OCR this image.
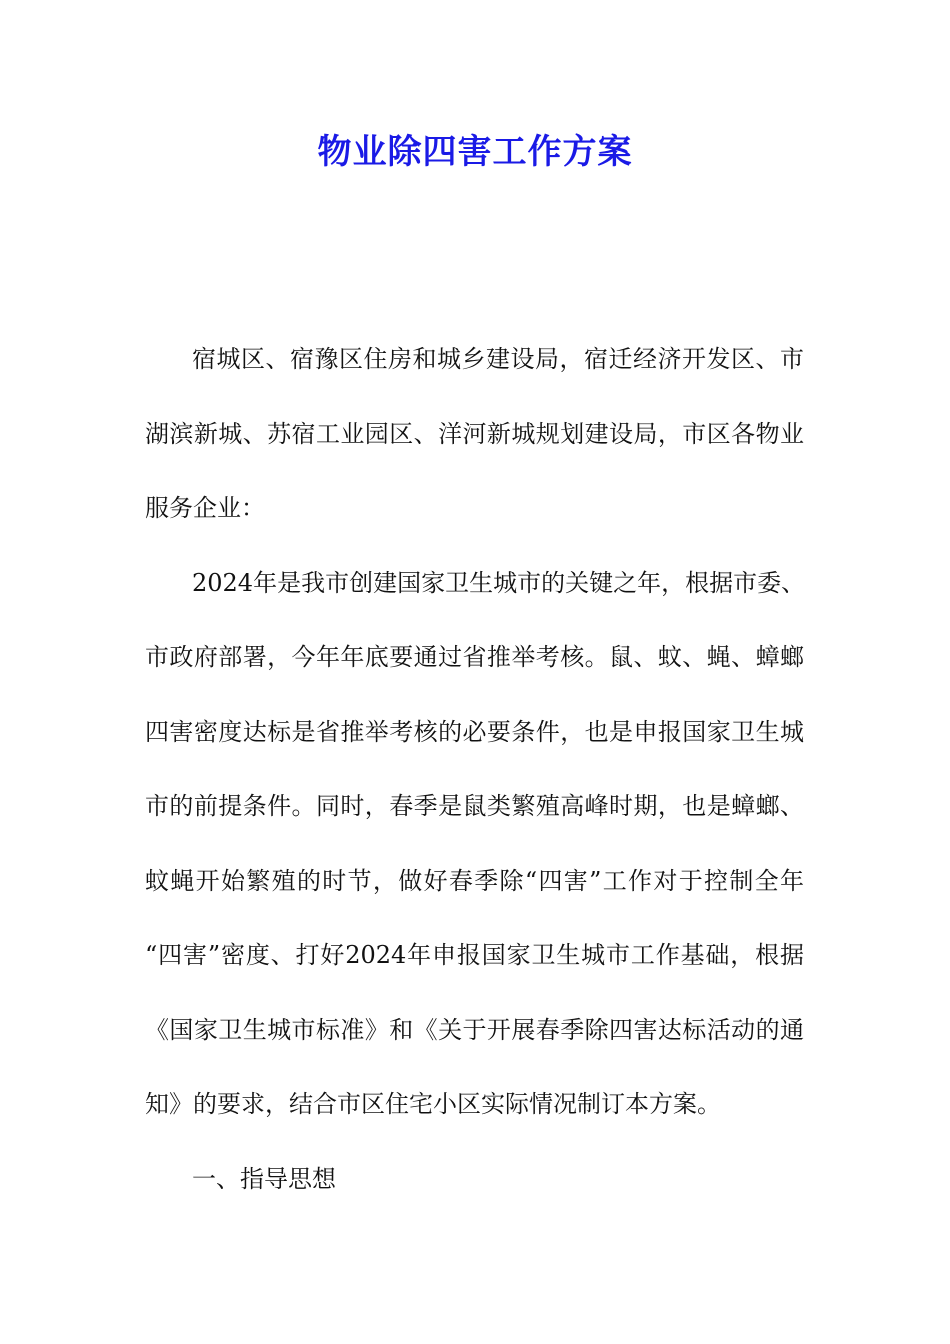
物业除四害工作方案
宿城区、宿豫区住房和城乡建设局，宿迁经济开发区、市
湖滨新城、苏宿工业园区、洋河新城规划建设局，市区各物业
服务企业：
2024年是我市创建国家卫生城市的关键之年，根据市委、
市政府部署，今年年底要通过省推举考核。鼠、蚊、蝇、蟑螂
四害密度达标是省推举考核的必要条件，也是申报国家卫生城
市的前提条件。同时，春季是鼠类繁殖高峰时期，也是蟑螂、
蚊蝇开始繁殖的时节，做好春季除“四害”工作对于控制全年
“四害”密度、打好2024年申报国家卫生城市工作基础，根据
《国家卫生城市标准》和《关于开展春季除四害达标活动的通
知》的要求，结合市区住宅小区实际情况制订本方案。
一、指导思想
